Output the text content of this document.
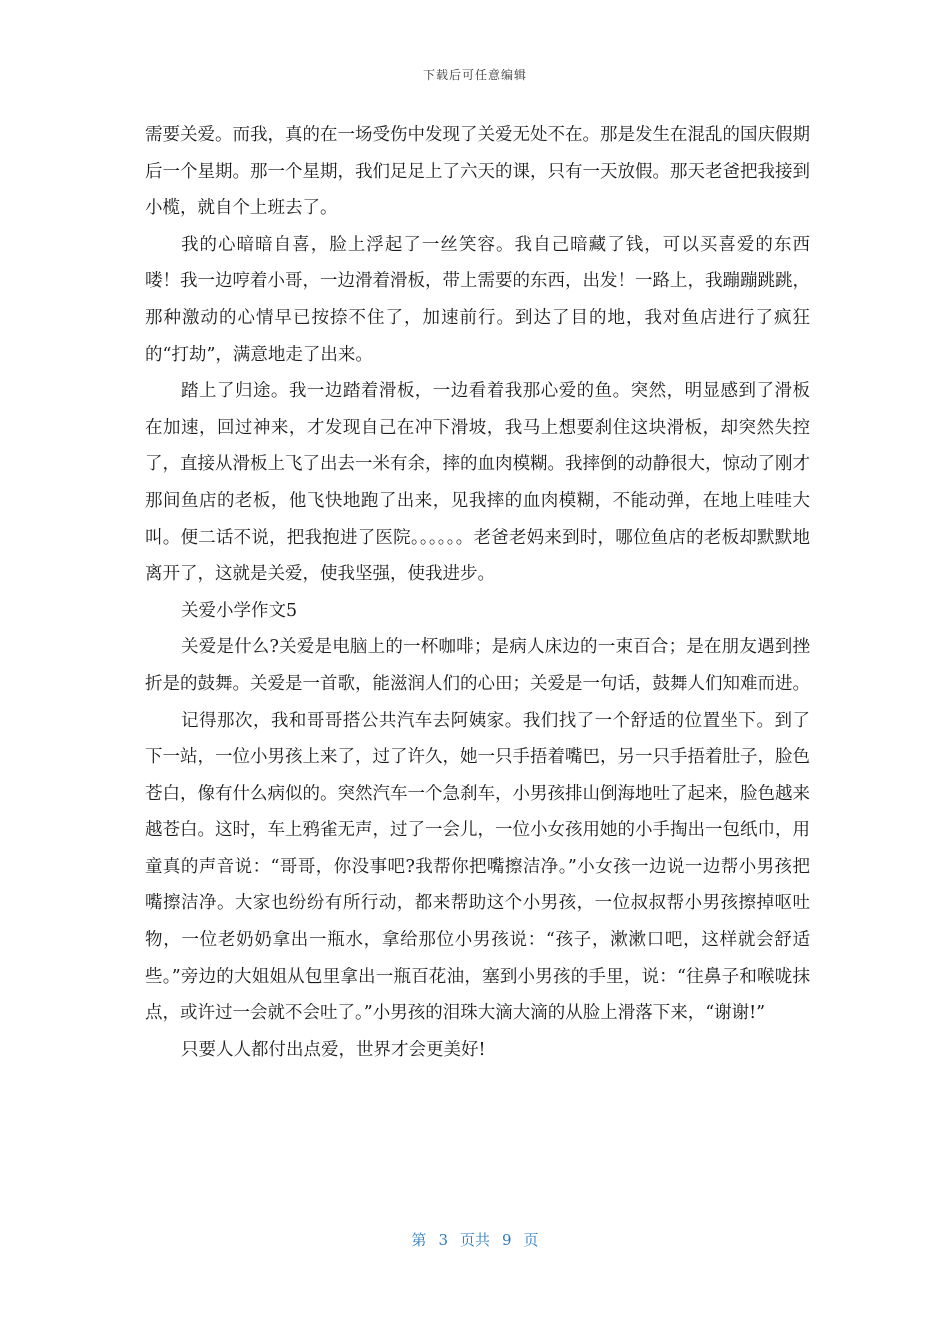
下载后可任意编辑

需要关爱。而我，真的在一场受伤中发现了关爱无处不在。那是发生在混乱的国庆假期后一个星期。那一个星期，我们足足上了六天的课，只有一天放假。那天老爸把我接到小榄，就自个上班去了。

我的心暗暗自喜，脸上浮起了一丝笑容。我自己暗藏了钱，可以买喜爱的东西喽！我一边哼着小哥，一边滑着滑板，带上需要的东西，出发！一路上，我蹦蹦跳跳，那种激动的心情早已按捺不住了，加速前行。到达了目的地，我对鱼店进行了疯狂的“打劫”，满意地走了出来。

踏上了归途。我一边踏着滑板，一边看着我那心爱的鱼。突然，明显感到了滑板在加速，回过神来，才发现自己在冲下滑坡，我马上想要刹住这块滑板，却突然失控了，直接从滑板上飞了出去一米有余，摔的血肉模糊。我摔倒的动静很大，惊动了刚才那间鱼店的老板，他飞快地跑了出来，见我摔的血肉模糊，不能动弹，在地上哇哇大叫。便二话不说，把我抱进了医院。。。。。。老爸老妈来到时，哪位鱼店的老板却默默地离开了，这就是关爱，使我坚强，使我进步。

关爱小学作文5

关爱是什么?关爱是电脑上的一杯咖啡；是病人床边的一束百合；是在朋友遇到挫折是的鼓舞。关爱是一首歌，能滋润人们的心田；关爱是一句话，鼓舞人们知难而进。

记得那次，我和哥哥搭公共汽车去阿姨家。我们找了一个舒适的位置坐下。到了下一站，一位小男孩上来了，过了许久，她一只手捂着嘴巴，另一只手捂着肚子，脸色苍白，像有什么病似的。突然汽车一个急刹车，小男孩排山倒海地吐了起来，脸色越来越苍白。这时，车上鸦雀无声，过了一会儿，一位小女孩用她的小手掏出一包纸巾，用童真的声音说：“哥哥，你没事吧?我帮你把嘴擦洁净。”小女孩一边说一边帮小男孩把嘴擦洁净。大家也纷纷有所行动，都来帮助这个小男孩，一位叔叔帮小男孩擦掉呕吐物，一位老奶奶拿出一瓶水，拿给那位小男孩说：“孩子，漱漱口吧，这样就会舒适些。”旁边的大姐姐从包里拿出一瓶百花油，塞到小男孩的手里，说：“往鼻子和喉咙抹点，或许过一会就不会吐了。”小男孩的泪珠大滴大滴的从脸上滑落下来，“谢谢!”

只要人人都付出点爱，世界才会更美好!

第 3 页共 9 页
